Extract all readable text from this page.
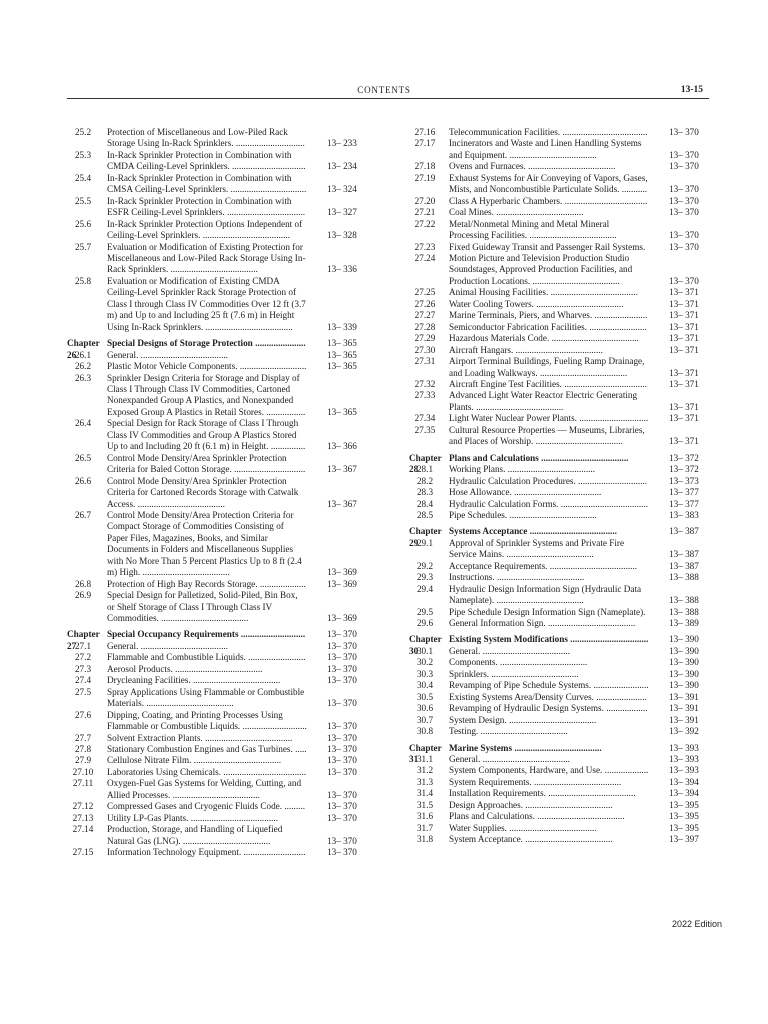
CONTENTS	13-15
25.2	Protection of Miscellaneous and Low-Piled Rack Storage Using In-Rack Sprinklers. ..............................	13– 233
25.3	In-Rack Sprinkler Protection in Combination with CMDA Ceiling-Level Sprinklers. ................................	13– 234
25.4	In-Rack Sprinkler Protection in Combination with CMSA Ceiling-Level Sprinklers. .................................	13– 324
25.5	In-Rack Sprinkler Protection in Combination with ESFR Ceiling-Level Sprinklers. ..................................	13– 327
25.6	In-Rack Sprinkler Protection Options Independent of Ceiling-Level Sprinklers. ......................................	13– 328
25.7	Evaluation or Modification of Existing Protection for Miscellaneous and Low-Piled Rack Storage Using In-Rack Sprinklers. ......................................	13– 336
25.8	Evaluation or Modification of Existing CMDA Ceiling-Level Sprinkler Rack Storage Protection of Class I through Class IV Commodities Over 12 ft (3.7 m) and Up to and Including 25 ft (7.6 m) in Height Using In-Rack Sprinklers. ......................................	13– 339
Chapter 26
Special Designs of Storage Protection ......................	13– 365
26.1	General. ......................................	13– 365
26.2	Plastic Motor Vehicle Components. .............................	13– 365
26.3	Sprinkler Design Criteria for Storage and Display of Class I Through Class IV Commodities, Cartoned Nonexpanded Group A Plastics, and Nonexpanded Exposed Group A Plastics in Retail Stores. .................	13– 365
26.4	Special Design for Rack Storage of Class I Through Class IV Commodities and Group A Plastics Stored Up to and Including 20 ft (6.1 m) in Height. ...............	13– 366
26.5	Control Mode Density/Area Sprinkler Protection Criteria for Baled Cotton Storage. ...............................	13– 367
26.6	Control Mode Density/Area Sprinkler Protection Criteria for Cartoned Records Storage with Catwalk Access. ......................................	13– 367
26.7	Control Mode Density/Area Protection Criteria for Compact Storage of Commodities Consisting of Paper Files, Magazines, Books, and Similar Documents in Folders and Miscellaneous Supplies with No More Than 5 Percent Plastics Up to 8 ft (2.4 m) High. ......................................	13– 369
26.8	Protection of High Bay Records Storage. ....................	13– 369
26.9	Special Design for Palletized, Solid-Piled, Bin Box, or Shelf Storage of Class I Through Class IV Commodities. ......................................	13– 369
Chapter 27
Special Occupancy Requirements ............................	13– 370
27.1	General. ......................................	13– 370
27.2	Flammable and Combustible Liquids. .........................	13– 370
27.3	Aerosol Products. ......................................	13– 370
27.4	Drycleaning Facilities. ......................................	13– 370
27.5	Spray Applications Using Flammable or Combustible Materials. ......................................	13– 370
27.6	Dipping, Coating, and Printing Processes Using Flammable or Combustible Liquids. ............................	13– 370
27.7	Solvent Extraction Plants. ......................................	13– 370
27.8	Stationary Combustion Engines and Gas Turbines. .....	13– 370
27.9	Cellulose Nitrate Film. ......................................	13– 370
27.10	Laboratories Using Chemicals. ....................................	13– 370
27.11	Oxygen-Fuel Gas Systems for Welding, Cutting, and Allied Processes. ......................................	13– 370
27.12	Compressed Gases and Cryogenic Fluids Code. .........	13– 370
27.13	Utility LP-Gas Plants. ......................................	13– 370
27.14	Production, Storage, and Handling of Liquefied Natural Gas (LNG). ......................................	13– 370
27.15	Information Technology Equipment. ...........................	13– 370
27.16	Telecommunication Facilities. .....................................	13– 370
27.17	Incinerators and Waste and Linen Handling Systems and Equipment. ......................................	13– 370
27.18	Ovens and Furnaces. ......................................	13– 370
27.19	Exhaust Systems for Air Conveying of Vapors, Gases, Mists, and Noncombustible Particulate Solids. ...........	13– 370
27.20	Class A Hyperbaric Chambers. ....................................	13– 370
27.21	Coal Mines. ......................................	13– 370
27.22	Metal/Nonmetal Mining and Metal Mineral Processing Facilities. ......................................	13– 370
27.23	Fixed Guideway Transit and Passenger Rail Systems.	13– 370
27.24	Motion Picture and Television Production Studio Soundstages, Approved Production Facilities, and Production Locations. ......................................	13– 370
27.25	Animal Housing Facilities. ......................................	13– 371
27.26	Water Cooling Towers. ......................................	13– 371
27.27	Marine Terminals, Piers, and Wharves. .......................	13– 371
27.28	Semiconductor Fabrication Facilities. .........................	13– 371
27.29	Hazardous Materials Code. ......................................	13– 371
27.30	Aircraft Hangars. ......................................	13– 371
27.31	Airport Terminal Buildings, Fueling Ramp Drainage, and Loading Walkways. ......................................	13– 371
27.32	Aircraft Engine Test Facilities. ....................................	13– 371
27.33	Advanced Light Water Reactor Electric Generating Plants. ......................................	13– 371
27.34	Light Water Nuclear Power Plants. ..............................	13– 371
27.35	Cultural Resource Properties — Museums, Libraries, and Places of Worship. ......................................	13– 371
Chapter 28
Plans and Calculations ......................................	13– 372
28.1	Working Plans. ......................................	13– 372
28.2	Hydraulic Calculation Procedures. ..............................	13– 373
28.3	Hose Allowance. ......................................	13– 377
28.4	Hydraulic Calculation Forms. ......................................	13– 377
28.5	Pipe Schedules. ......................................	13– 383
Chapter 29
Systems Acceptance ......................................	13– 387
29.1	Approval of Sprinkler Systems and Private Fire Service Mains. ......................................	13– 387
29.2	Acceptance Requirements. ......................................	13– 387
29.3	Instructions. ......................................	13– 388
29.4	Hydraulic Design Information Sign (Hydraulic Data Nameplate). ......................................	13– 388
29.5	Pipe Schedule Design Information Sign (Nameplate).	13– 388
29.6	General Information Sign. ......................................	13– 389
Chapter 30
Existing System Modifications ..................................	13– 390
30.1	General. ......................................	13– 390
30.2	Components. ......................................	13– 390
30.3	Sprinklers. ......................................	13– 390
30.4	Revamping of Pipe Schedule Systems. ........................	13– 390
30.5	Existing Systems Area/Density Curves. ......................	13– 391
30.6	Revamping of Hydraulic Design Systems. ..................	13– 391
30.7	System Design. ......................................	13– 391
30.8	Testing. ......................................	13– 392
Chapter 31
Marine Systems ......................................	13– 393
31.1	General. ......................................	13– 393
31.2	System Components, Hardware, and Use. ...................	13– 393
31.3	System Requirements. ......................................	13– 394
31.4	Installation Requirements. ......................................	13– 394
31.5	Design Approaches. ......................................	13– 395
31.6	Plans and Calculations. ......................................	13– 395
31.7	Water Supplies. ......................................	13– 395
31.8	System Acceptance. ......................................	13– 397
2022 Edition
